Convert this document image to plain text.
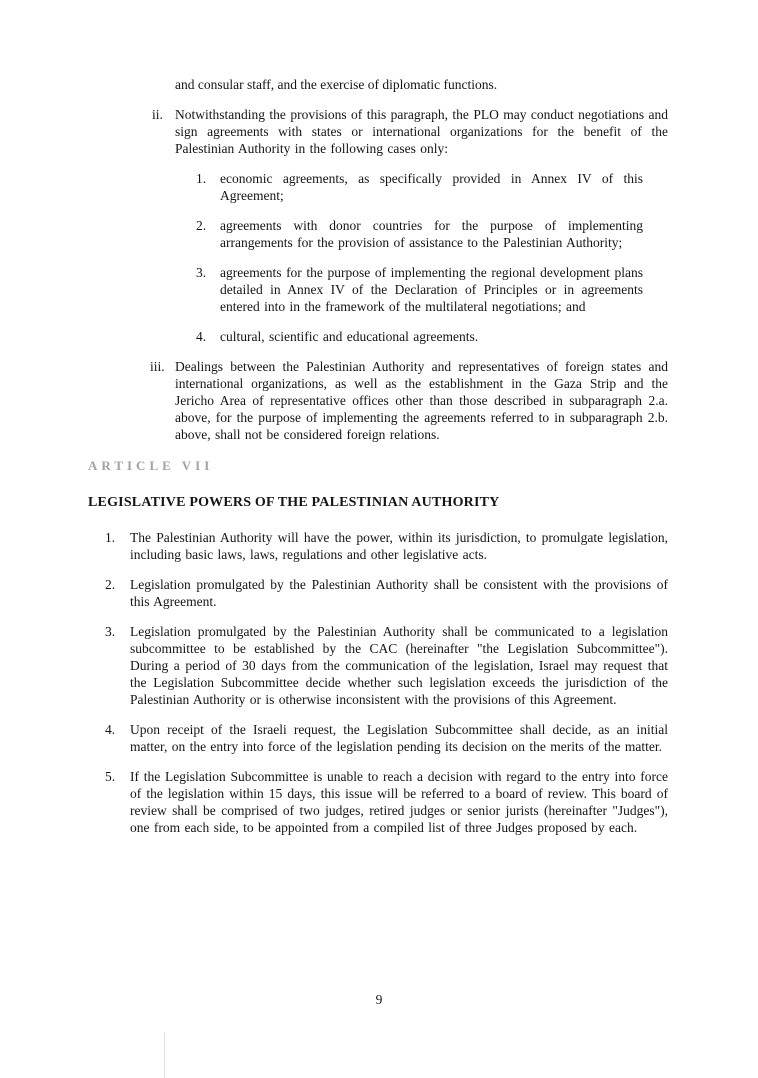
and consular staff, and the exercise of diplomatic functions.

ii. Notwithstanding the provisions of this paragraph, the PLO may conduct negotiations and sign agreements with states or international organizations for the benefit of the Palestinian Authority in the following cases only:
1.	economic agreements, as specifically provided in Annex IV of this Agreement;
2.	agreements with donor countries for the purpose of implementing arrangements for the provision of assistance to the Palestinian Authority;
3.	agreements for the purpose of implementing the regional development plans detailed in Annex IV of the Declaration of Principles or in agreements entered into in the framework of the multilateral negotiations; and
4.	cultural, scientific and educational agreements.
iii. Dealings between the Palestinian Authority and representatives of foreign states and international organizations, as well as the establishment in the Gaza Strip and the Jericho Area of representative offices other than those described in subparagraph 2.a. above, for the purpose of implementing the agreements referred to in subparagraph 2.b. above, shall not be considered foreign relations.
ARTICLE VII
LEGISLATIVE POWERS OF THE PALESTINIAN AUTHORITY
1.	The Palestinian Authority will have the power, within its jurisdiction, to promulgate legislation, including basic laws, laws, regulations and other legislative acts.
2.	Legislation promulgated by the Palestinian Authority shall be consistent with the provisions of this Agreement.
3.	Legislation promulgated by the Palestinian Authority shall be communicated to a legislation subcommittee to be established by the CAC (hereinafter "the Legislation Subcommittee"). During a period of 30 days from the communication of the legislation, Israel may request that the Legislation Subcommittee decide whether such legislation exceeds the jurisdiction of the Palestinian Authority or is otherwise inconsistent with the provisions of this Agreement.
4.	Upon receipt of the Israeli request, the Legislation Subcommittee shall decide, as an initial matter, on the entry into force of the legislation pending its decision on the merits of the matter.
5.	If the Legislation Subcommittee is unable to reach a decision with regard to the entry into force of the legislation within 15 days, this issue will be referred to a board of review. This board of review shall be comprised of two judges, retired judges or senior jurists (hereinafter "Judges"), one from each side, to be appointed from a compiled list of three Judges proposed by each.
9
